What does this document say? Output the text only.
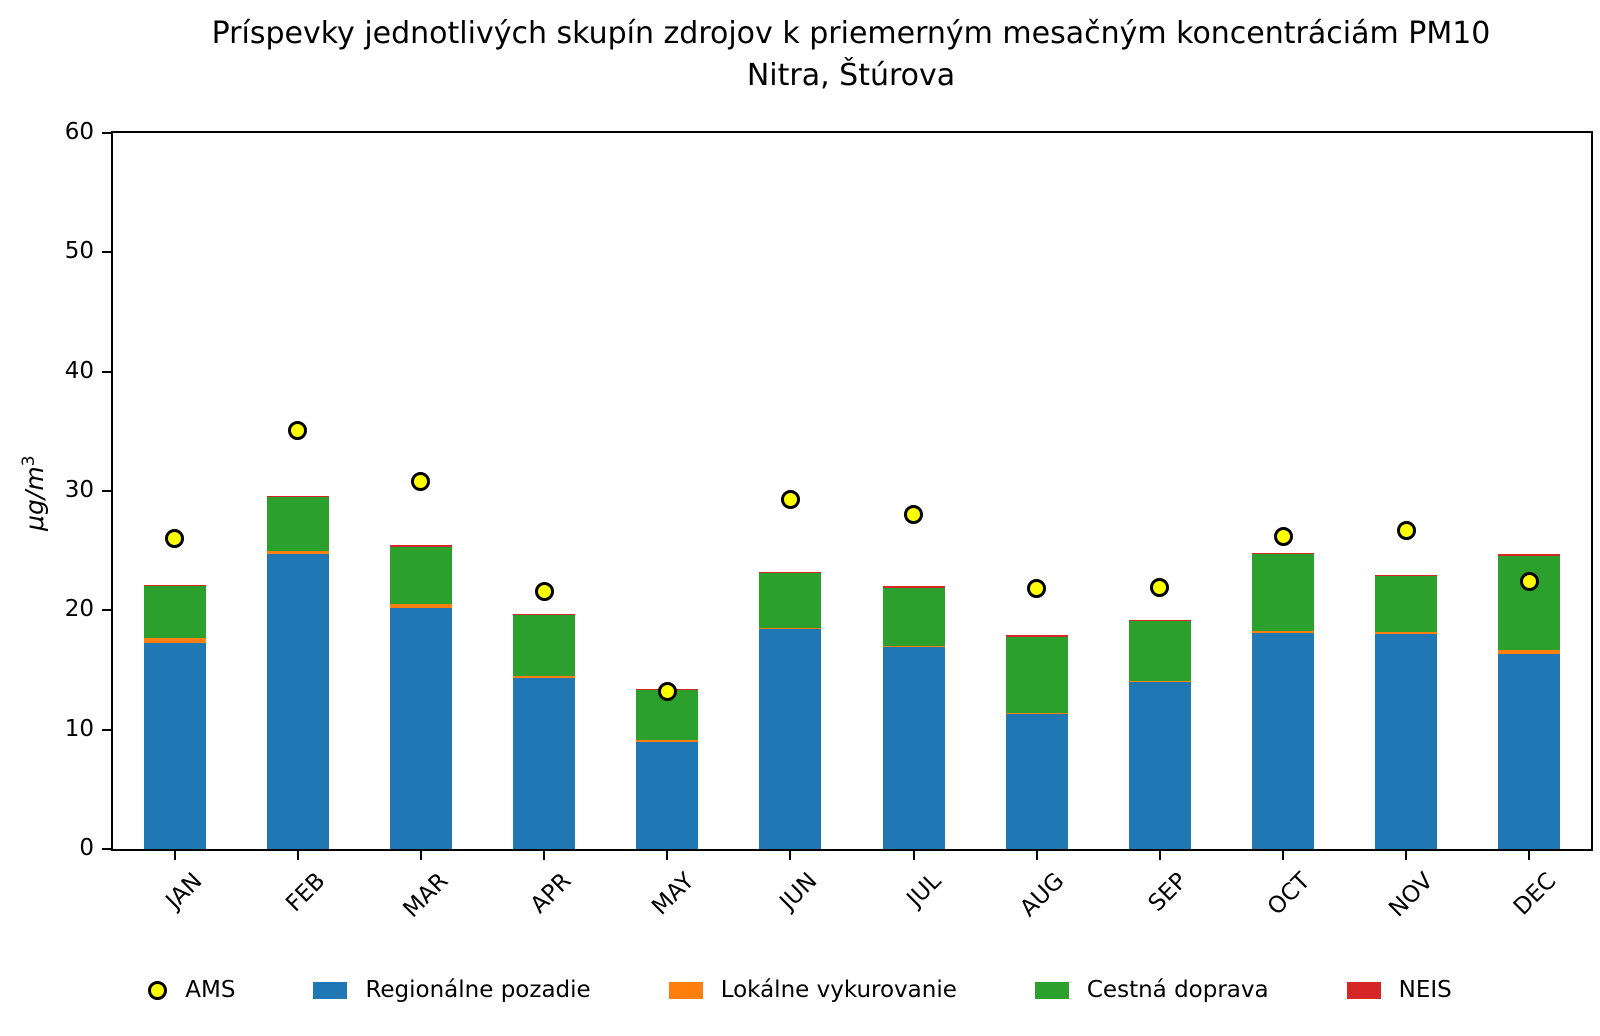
Príspevky jednotlivých skupín zdrojov k priemerným mesačným koncentráciám PM10
Nitra, Štúrova
$\mu g/m^3$
0
10
20
30
40
50
60
JAN	FEB	MAR	APR	MAY	JUN	JUL	AUG	SEP	OCT	NOV	DEC
AMS	Regionálne pozadie	Lokálne vykurovanie	Cestná doprava	NEIS
